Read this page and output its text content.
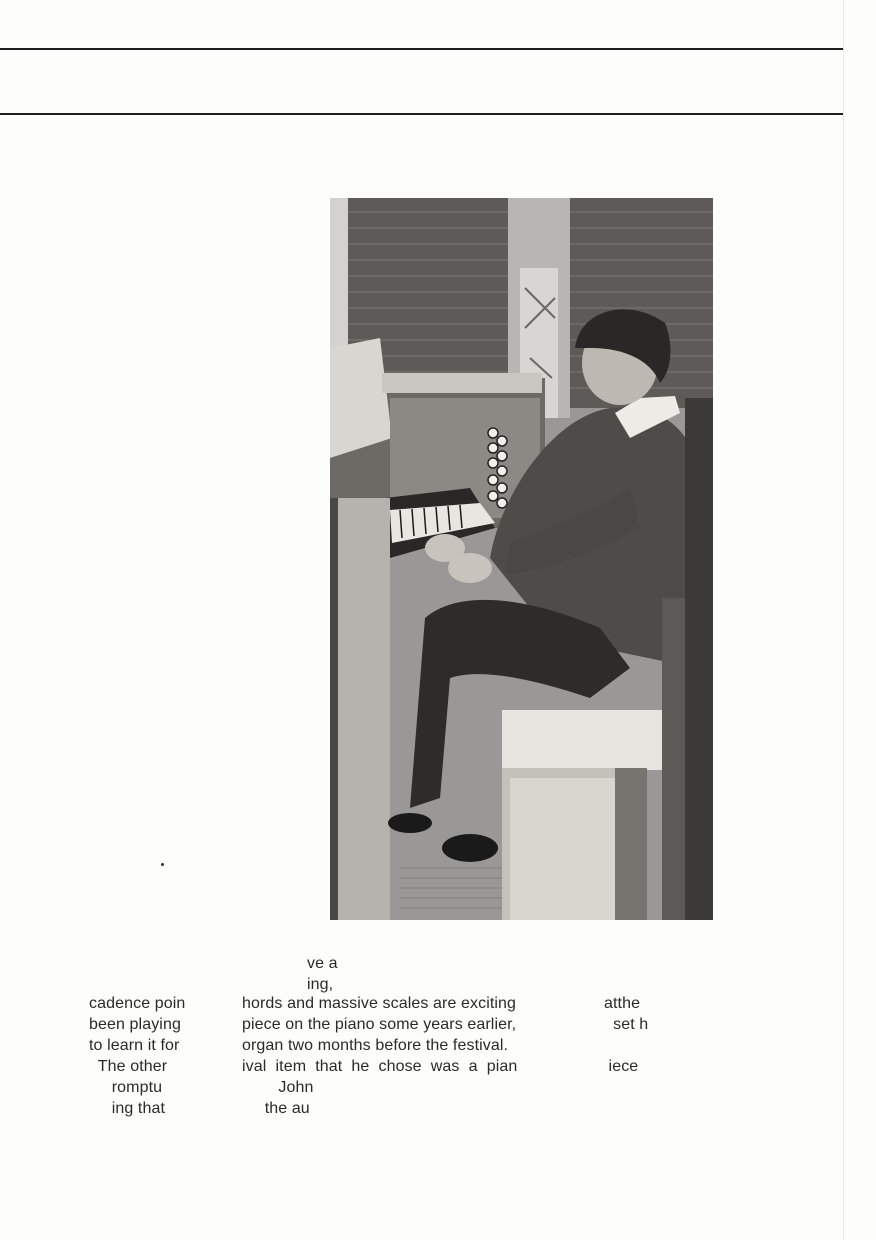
ve a
ing,
cadence poin
been playing
to learn it for
The other
romptu
ing that
hords and massive scales are exciting
piece on the piano some years earlier,
organ two months before the festival.
ival  item  that  he  chose  was  a  pian
John
the au
atthe
set h
iece
